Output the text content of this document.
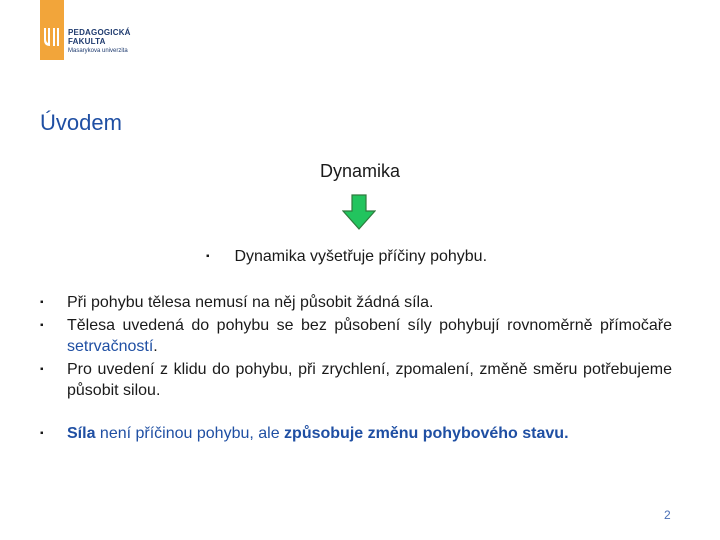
PEDAGOGICKÁ
FAKULTA
Masarykova univerzita
Úvodem
Dynamika
▪ Dynamika vyšetřuje příčiny pohybu.
▪	Při pohybu tělesa nemusí na něj působit žádná síla.
▪	Tělesa uvedená do pohybu se bez působení síly pohybují rovnoměrně přímočaře setrvačností.
▪	Pro uvedení z klidu do pohybu, při zrychlení, zpomalení, změně směru potřebujeme působit silou.
▪	Síla není příčinou pohybu, ale způsobuje změnu pohybového stavu.
2
